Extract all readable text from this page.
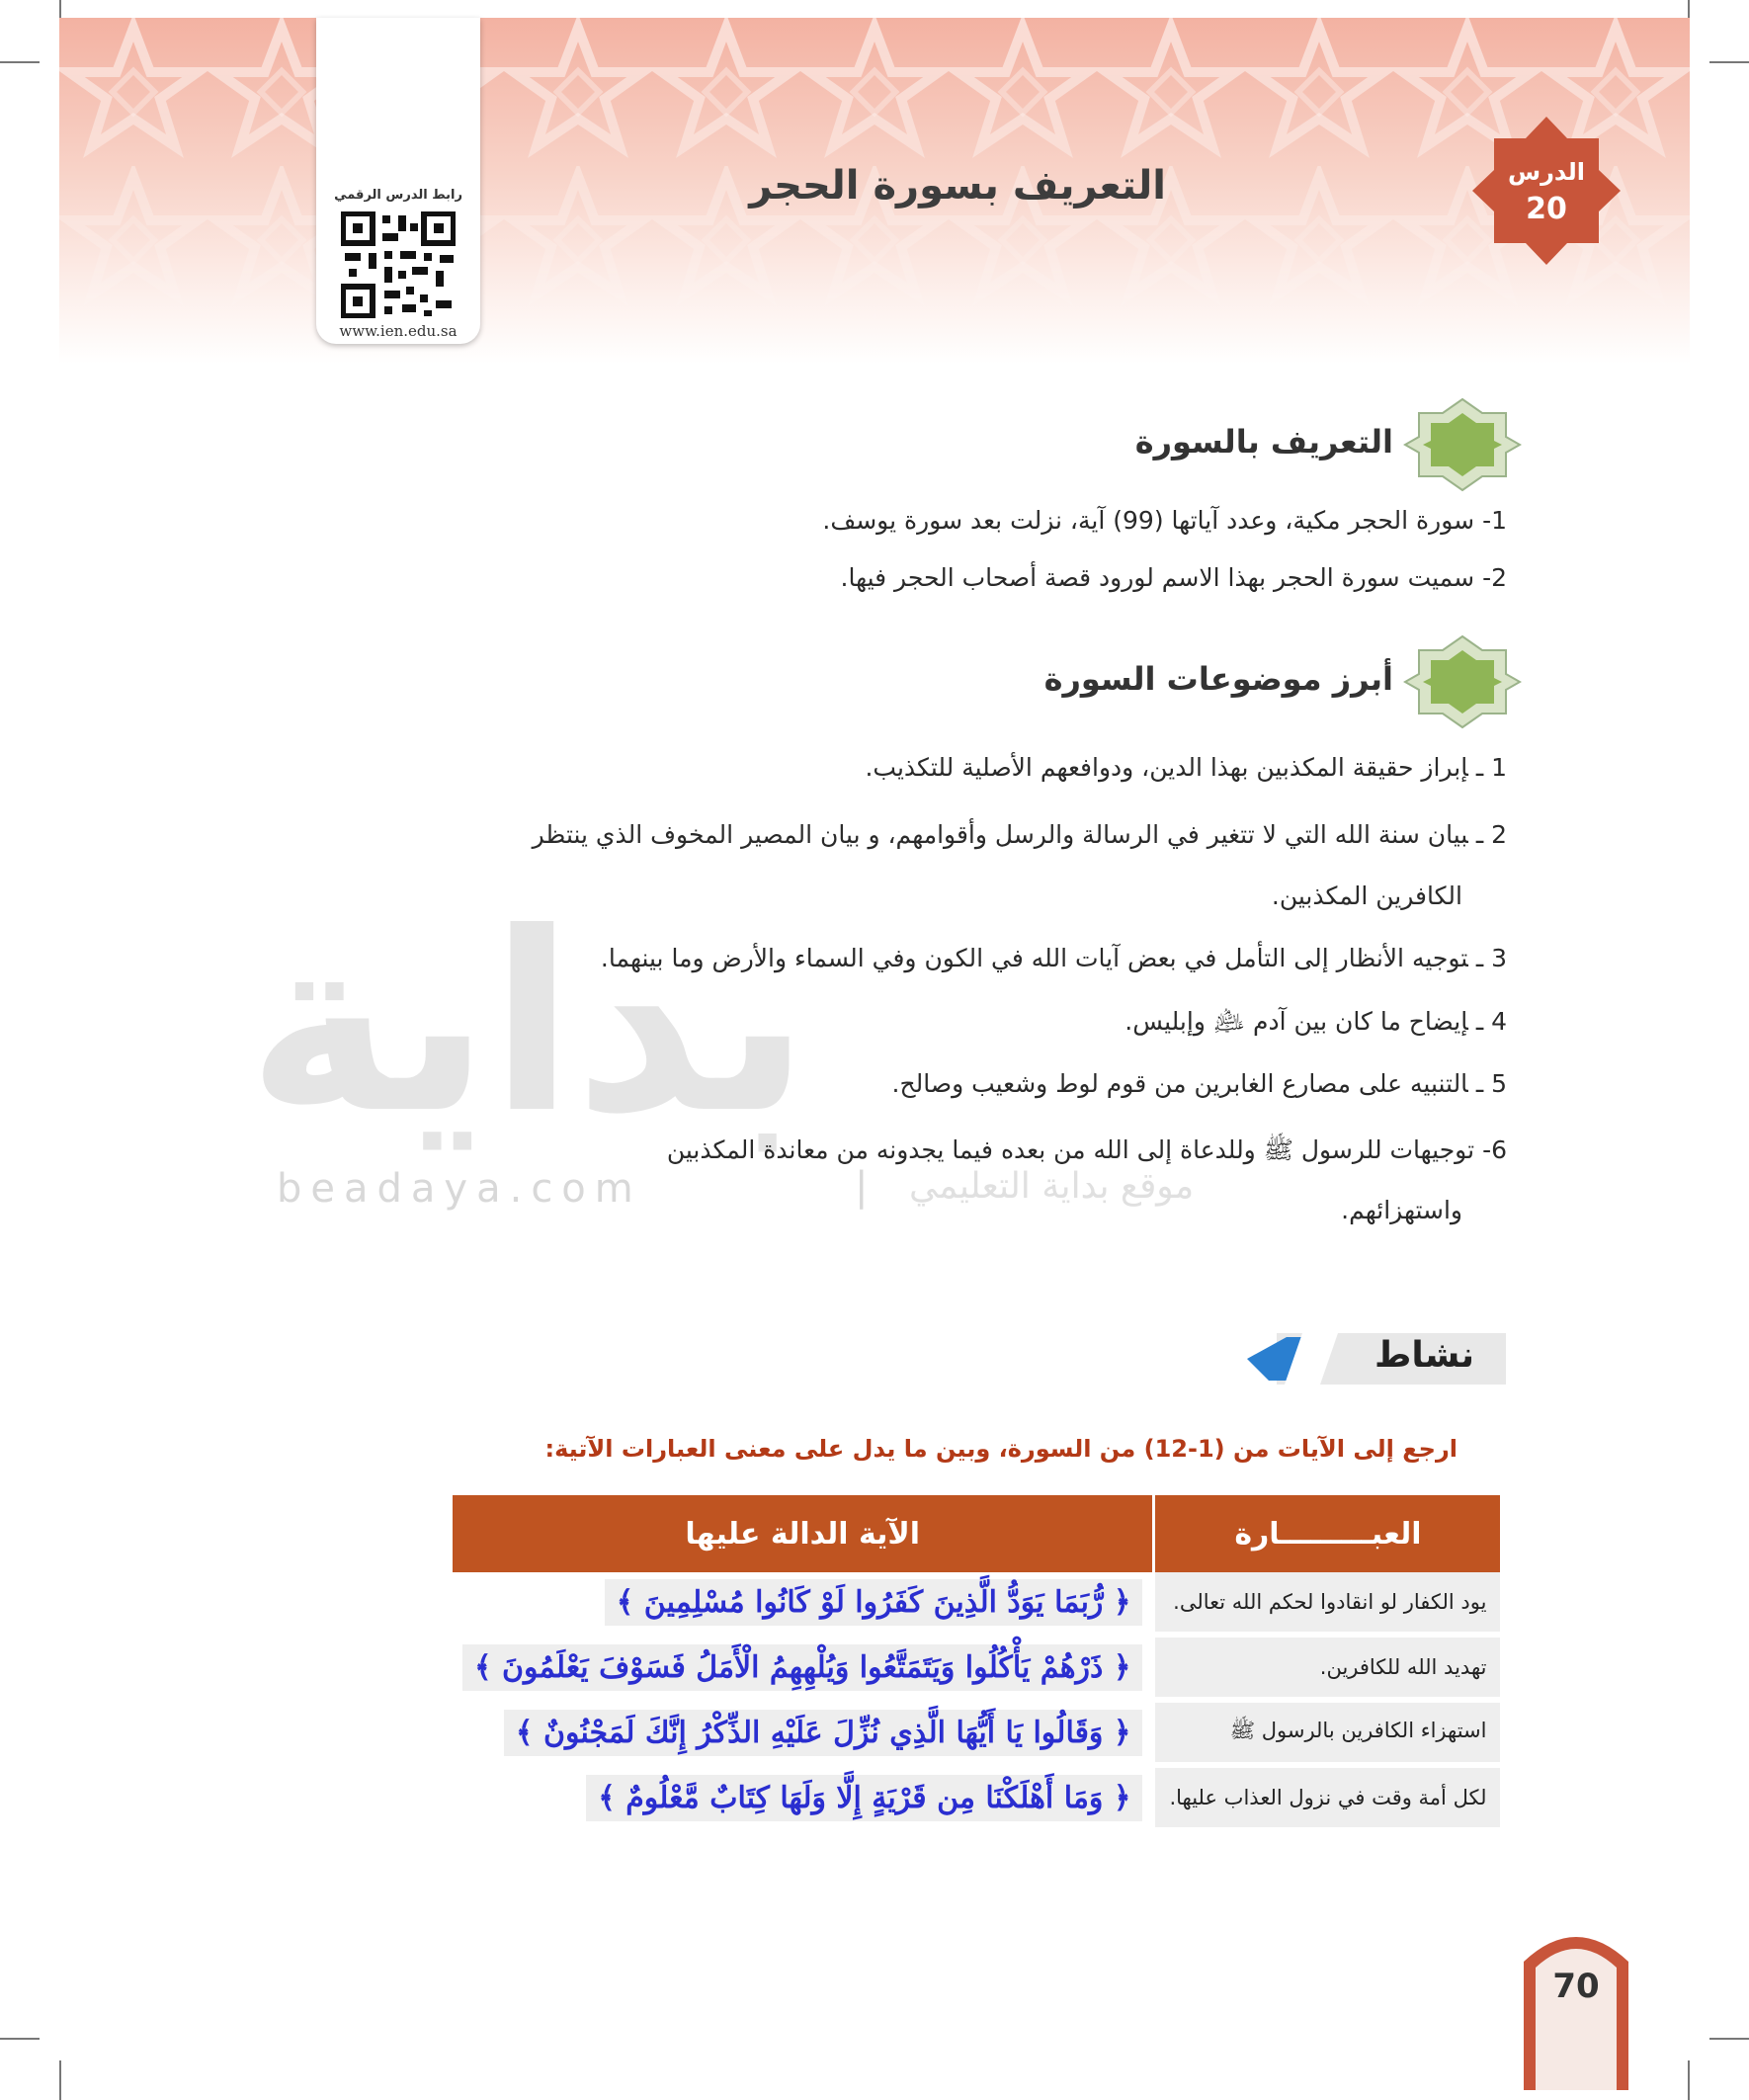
رابط الدرس الرقمي
www.ien.edu.sa
التعريف بسورة الحجر	الدرس
20
بداية
beadaya.com	| موقع بداية التعليمي
التعريف بالسورة
1-سورة الحجر مكية، وعدد آياتها (99) آية، نزلت بعد سورة يوسف.
2-سميت سورة الحجر بهذا الاسم لورود قصة أصحاب الحجر فيها.
أبرز موضوعات السورة
1 ـإبراز حقيقة المكذبين بهذا الدين، ودوافعهم الأصلية للتكذيب.
2 ـبيان سنة الله التي لا تتغير في الرسالة والرسل وأقوامهم، و بيان المصير المخوف الذي ينتظر
الكافرين المكذبين.
3 ـتوجيه الأنظار إلى التأمل في بعض آيات الله في الكون وفي السماء والأرض وما بينهما.
4 ـإيضاح ما كان بين آدم ﵇ وإبليس.
5 ـالتنبيه على مصارع الغابرين من قوم لوط وشعيب وصالح.
6-توجيهات للرسول ﷺ وللدعاة إلى الله من بعده فيما يجدونه من معاندة المكذبين
واستهزائهم.
نشاط
ارجع إلى الآيات من (1-12) من السورة، وبين ما يدل على معنى العبارات الآتية:
العبـــــــــارة	الآية الدالة عليها
يود الكفار لو انقادوا لحكم الله تعالى.	﴿ رُّبَمَا يَوَدُّ الَّذِينَ كَفَرُوا لَوْ كَانُوا مُسْلِمِينَ ﴾
تهديد الله للكافرين.	﴿ ذَرْهُمْ يَأْكُلُوا وَيَتَمَتَّعُوا وَيُلْهِهِمُ الْأَمَلُ فَسَوْفَ يَعْلَمُونَ ﴾
استهزاء الكافرين بالرسول ﷺ	﴿ وَقَالُوا يَا أَيُّهَا الَّذِي نُزِّلَ عَلَيْهِ الذِّكْرُ إِنَّكَ لَمَجْنُونٌ ﴾
لكل أمة وقت في نزول العذاب عليها.	﴿ وَمَا أَهْلَكْنَا مِن قَرْيَةٍ إِلَّا وَلَهَا كِتَابٌ مَّعْلُومٌ ﴾
70
